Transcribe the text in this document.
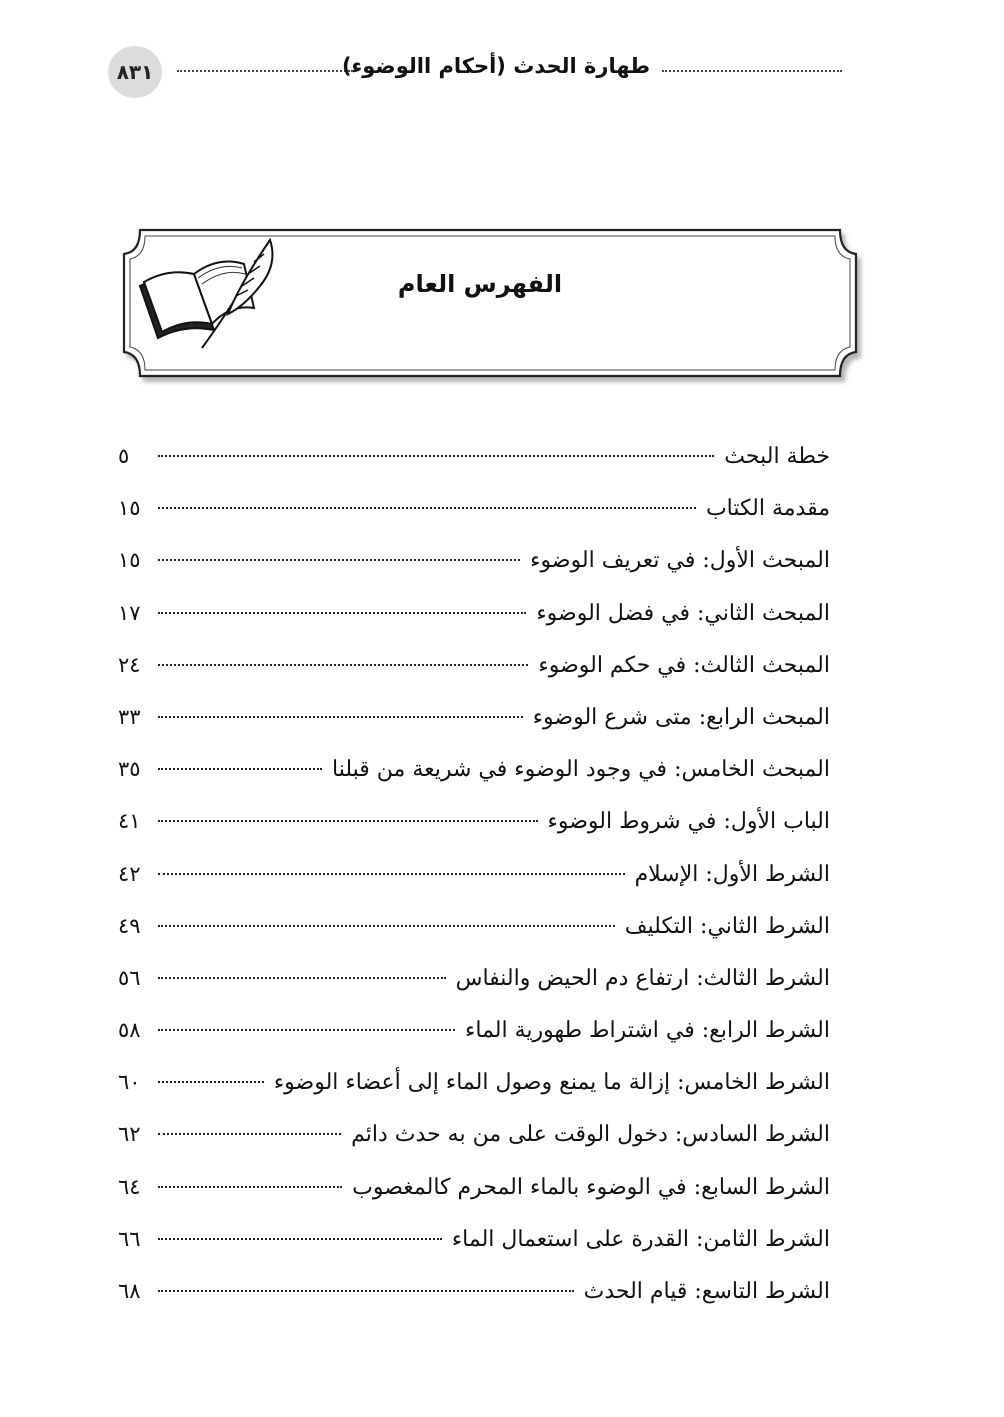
٨٣١	طهارة الحدث (أحكام االوضوء)
الفهرس العام
خطة البحث
٥
مقدمة الكتاب
١٥
المبحث الأول: في تعريف الوضوء
١٥
المبحث الثاني: في فضل الوضوء
١٧
المبحث الثالث: في حكم الوضوء
٢٤
المبحث الرابع: متى شرع الوضوء
٣٣
المبحث الخامس: في وجود الوضوء في شريعة من قبلنا
٣٥
الباب الأول: في شروط الوضوء
٤١
الشرط الأول: الإسلام
٤٢
الشرط الثاني: التكليف
٤٩
الشرط الثالث: ارتفاع دم الحيض والنفاس
٥٦
الشرط الرابع: في اشتراط طهورية الماء
٥٨
الشرط الخامس: إزالة ما يمنع وصول الماء إلى أعضاء الوضوء
٦٠
الشرط السادس: دخول الوقت على من به حدث دائم
٦٢
الشرط السابع: في الوضوء بالماء المحرم كالمغصوب
٦٤
الشرط الثامن: القدرة على استعمال الماء
٦٦
الشرط التاسع: قيام الحدث
٦٨
